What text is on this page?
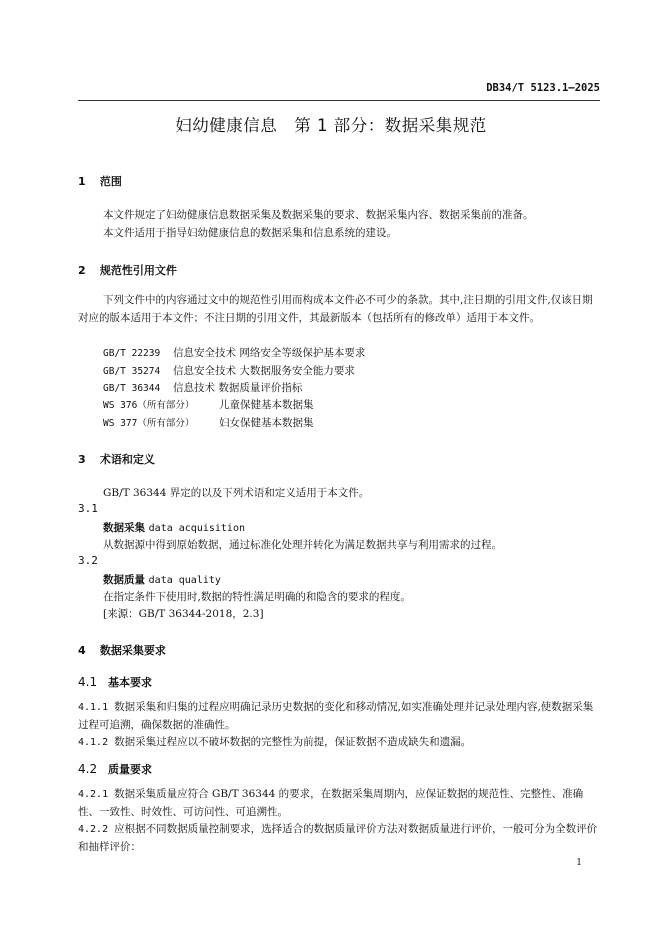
DB34/T 5123.1—2025
妇幼健康信息　第 1 部分：数据采集规范
1 范围
本文件规定了妇幼健康信息数据采集及数据采集的要求、数据采集内容、数据采集前的准备。
本文件适用于指导妇幼健康信息的数据采集和信息系统的建设。
2 规范性引用文件
下列文件中的内容通过文中的规范性引用而构成本文件必不可少的条款。其中,注日期的引用文件,仅该日期对应的版本适用于本文件；不注日期的引用文件，其最新版本（包括所有的修改单）适用于本文件。
GB/T 22239 信息安全技术 网络安全等级保护基本要求
GB/T 35274 信息安全技术 大数据服务安全能力要求
GB/T 36344 信息技术 数据质量评价指标
WS 376（所有部分） 儿童保健基本数据集
WS 377（所有部分） 妇女保健基本数据集
3 术语和定义
GB/T 36344 界定的以及下列术语和定义适用于本文件。
3.1
数据采集 data acquisition
从数据源中得到原始数据，通过标准化处理并转化为满足数据共享与利用需求的过程。
3.2
数据质量 data quality
在指定条件下使用时,数据的特性满足明确的和隐含的要求的程度。
[来源：GB/T 36344-2018，2.3]
4 数据采集要求
4.1 基本要求
4.1.1 数据采集和归集的过程应明确记录历史数据的变化和移动情况,如实准确处理并记录处理内容,使数据采集过程可追溯，确保数据的准确性。
4.1.2 数据采集过程应以不破坏数据的完整性为前提，保证数据不造成缺失和遗漏。
4.2 质量要求
4.2.1 数据采集质量应符合 GB/T 36344 的要求，在数据采集周期内，应保证数据的规范性、完整性、准确性、一致性、时效性、可访问性、可追溯性。
4.2.2 应根据不同数据质量控制要求，选择适合的数据质量评价方法对数据质量进行评价，一般可分为全数评价和抽样评价：
1
